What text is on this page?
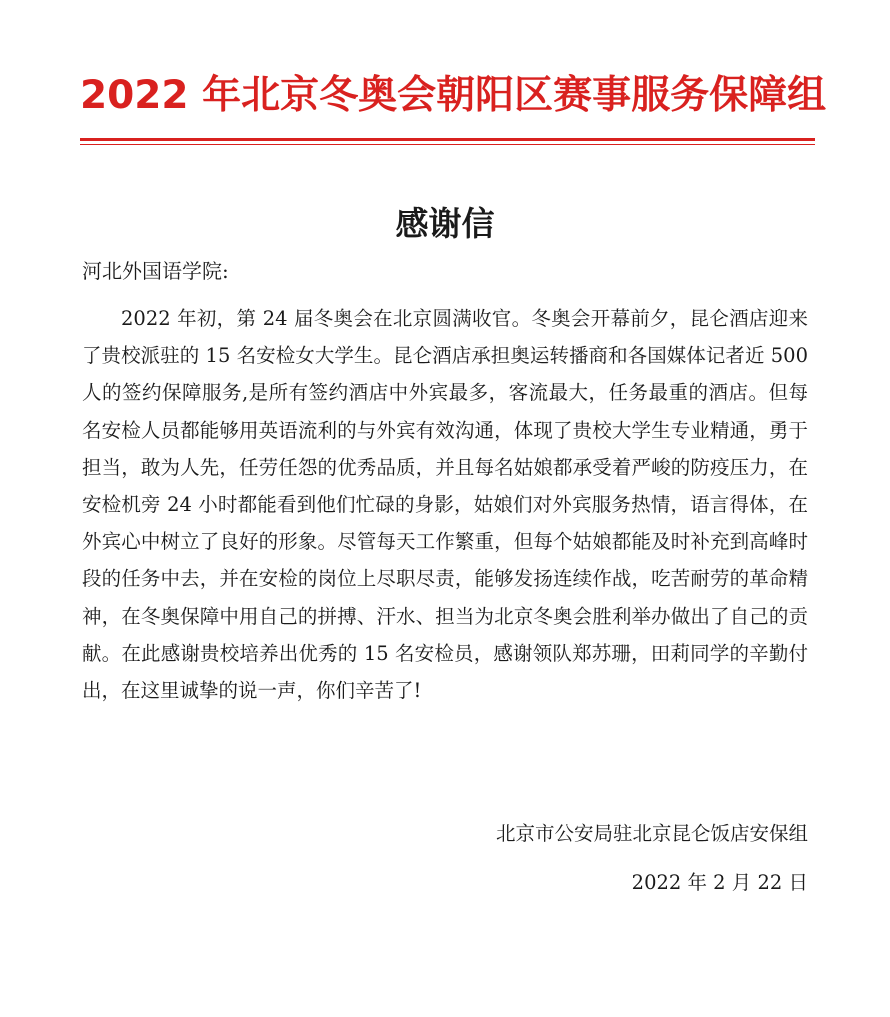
2022 年北京冬奥会朝阳区赛事服务保障组
感谢信
河北外国语学院:
2022 年初，第 24 届冬奥会在北京圆满收官。冬奥会开幕前夕，昆仑酒店迎来了贵校派驻的 15 名安检女大学生。昆仑酒店承担奥运转播商和各国媒体记者近 500 人的签约保障服务,是所有签约酒店中外宾最多，客流最大，任务最重的酒店。但每名安检人员都能够用英语流利的与外宾有效沟通，体现了贵校大学生专业精通，勇于担当，敢为人先，任劳任怨的优秀品质，并且每名姑娘都承受着严峻的防疫压力，在安检机旁 24 小时都能看到他们忙碌的身影，姑娘们对外宾服务热情，语言得体，在外宾心中树立了良好的形象。尽管每天工作繁重，但每个姑娘都能及时补充到高峰时段的任务中去，并在安检的岗位上尽职尽责，能够发扬连续作战，吃苦耐劳的革命精神，在冬奥保障中用自己的拼搏、汗水、担当为北京冬奥会胜利举办做出了自己的贡献。在此感谢贵校培养出优秀的 15 名安检员，感谢领队郑苏珊，田莉同学的辛勤付出，在这里诚挚的说一声，你们辛苦了!
北京市公安局驻北京昆仑饭店安保组
2022 年 2 月 22 日
